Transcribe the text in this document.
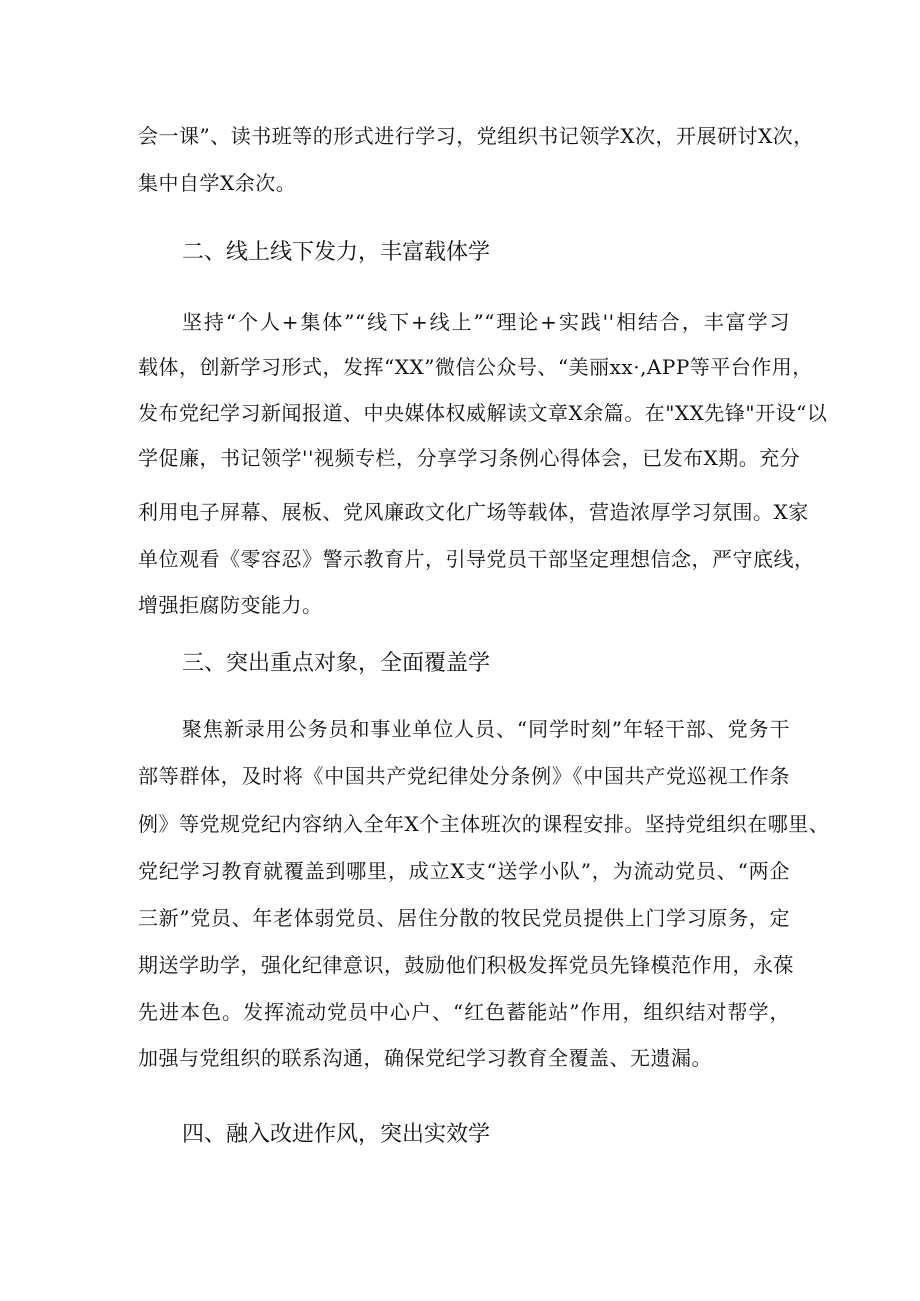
会一课”、读书班等的形式进行学习，党组织书记领学X次，开展研讨X次，
集中自学X余次。
二、线上线下发力，丰富载体学
坚持“个人+集体”“线下+线上”“理论+实践''相结合，丰富学习
载体，创新学习形式，发挥“XX”微信公众号、“美丽xx·,APP等平台作用，
发布党纪学习新闻报道、中央媒体权威解读文章X余篇。在"XX先锋"开设“以
学促廉，书记领学''视频专栏，分享学习条例心得体会，已发布X期。充分
利用电子屏幕、展板、党风廉政文化广场等载体，营造浓厚学习氛围。X家
单位观看《零容忍》警示教育片，引导党员干部坚定理想信念，严守底线，
增强拒腐防变能力。
三、突出重点对象，全面覆盖学
聚焦新录用公务员和事业单位人员、“同学时刻”年轻干部、党务干
部等群体，及时将《中国共产党纪律处分条例》《中国共产党巡视工作条
例》等党规党纪内容纳入全年X个主体班次的课程安排。坚持党组织在哪里、
党纪学习教育就覆盖到哪里，成立X支“送学小队”，为流动党员、“两企
三新”党员、年老体弱党员、居住分散的牧民党员提供上门学习原务，定
期送学助学，强化纪律意识，鼓励他们积极发挥党员先锋模范作用，永葆
先进本色。发挥流动党员中心户、“红色蓄能站”作用，组织结对帮学，
加强与党组织的联系沟通，确保党纪学习教育全覆盖、无遗漏。
四、融入改进作风，突出实效学
